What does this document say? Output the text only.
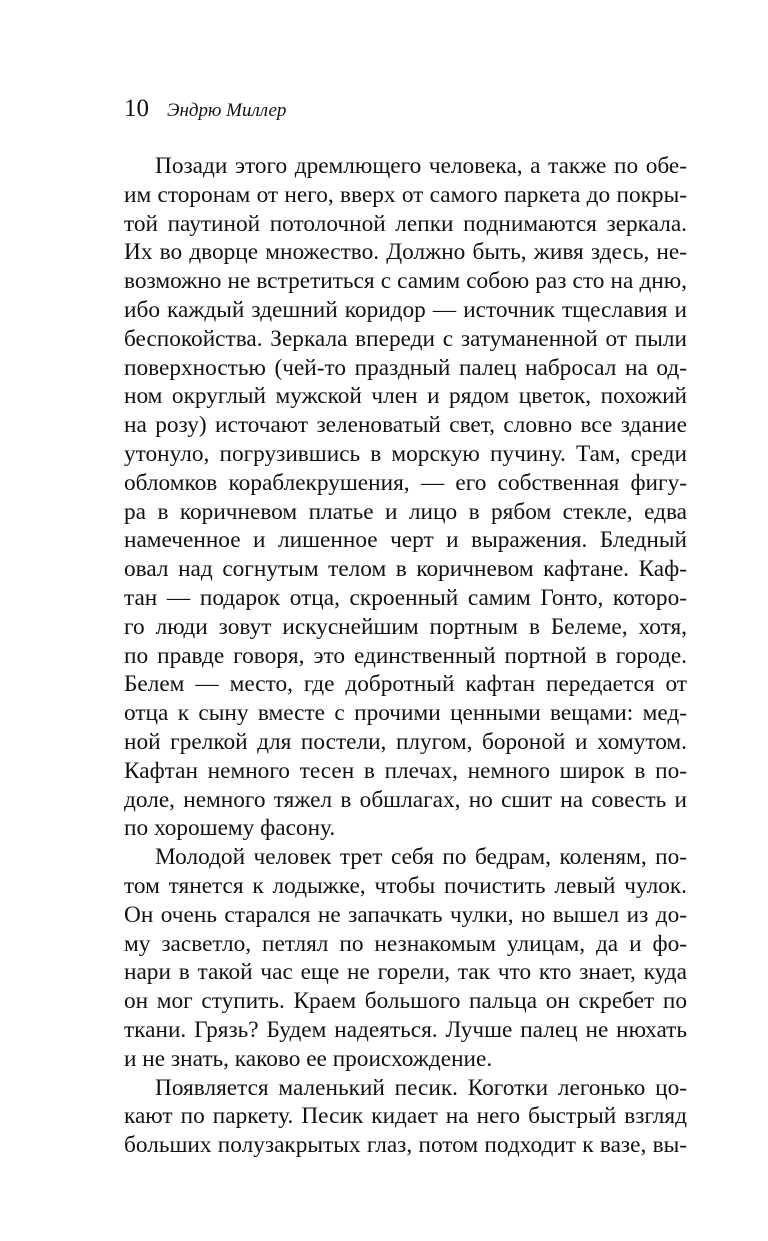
10 Эндрю Миллер
Позади этого дремлющего человека, а также по обе-
им сторонам от него, вверх от самого паркета до покры-
той паутиной потолочной лепки поднимаются зеркала.
Их во дворце множество. Должно быть, живя здесь, не-
возможно не встретиться с самим собою раз сто на дню,
ибо каждый здешний коридор — источник тщеславия и
беспокойства. Зеркала впереди с затуманенной от пыли
поверхностью (чей-то праздный палец набросал на од-
ном округлый мужской член и рядом цветок, похожий
на розу) источают зеленоватый свет, словно все здание
утонуло, погрузившись в морскую пучину. Там, среди
обломков кораблекрушения, — его собственная фигу-
ра в коричневом платье и лицо в рябом стекле, едва
намеченное и лишенное черт и выражения. Бледный
овал над согнутым телом в коричневом кафтане. Каф-
тан — подарок отца, скроенный самим Гонто, которо-
го люди зовут искуснейшим портным в Белеме, хотя,
по правде говоря, это единственный портной в городе.
Белем — место, где добротный кафтан передается от
отца к сыну вместе с прочими ценными вещами: мед-
ной грелкой для постели, плугом, бороной и хомутом.
Кафтан немного тесен в плечах, немного широк в по-
доле, немного тяжел в обшлагах, но сшит на совесть и
по хорошему фасону.
Молодой человек трет себя по бедрам, коленям, по-
том тянется к лодыжке, чтобы почистить левый чулок.
Он очень старался не запачкать чулки, но вышел из до-
му засветло, петлял по незнакомым улицам, да и фо-
нари в такой час еще не горели, так что кто знает, куда
он мог ступить. Краем большого пальца он скребет по
ткани. Грязь? Будем надеяться. Лучше палец не нюхать
и не знать, каково ее происхождение.
Появляется маленький песик. Коготки легонько цо-
кают по паркету. Песик кидает на него быстрый взгляд
больших полузакрытых глаз, потом подходит к вазе, вы-
